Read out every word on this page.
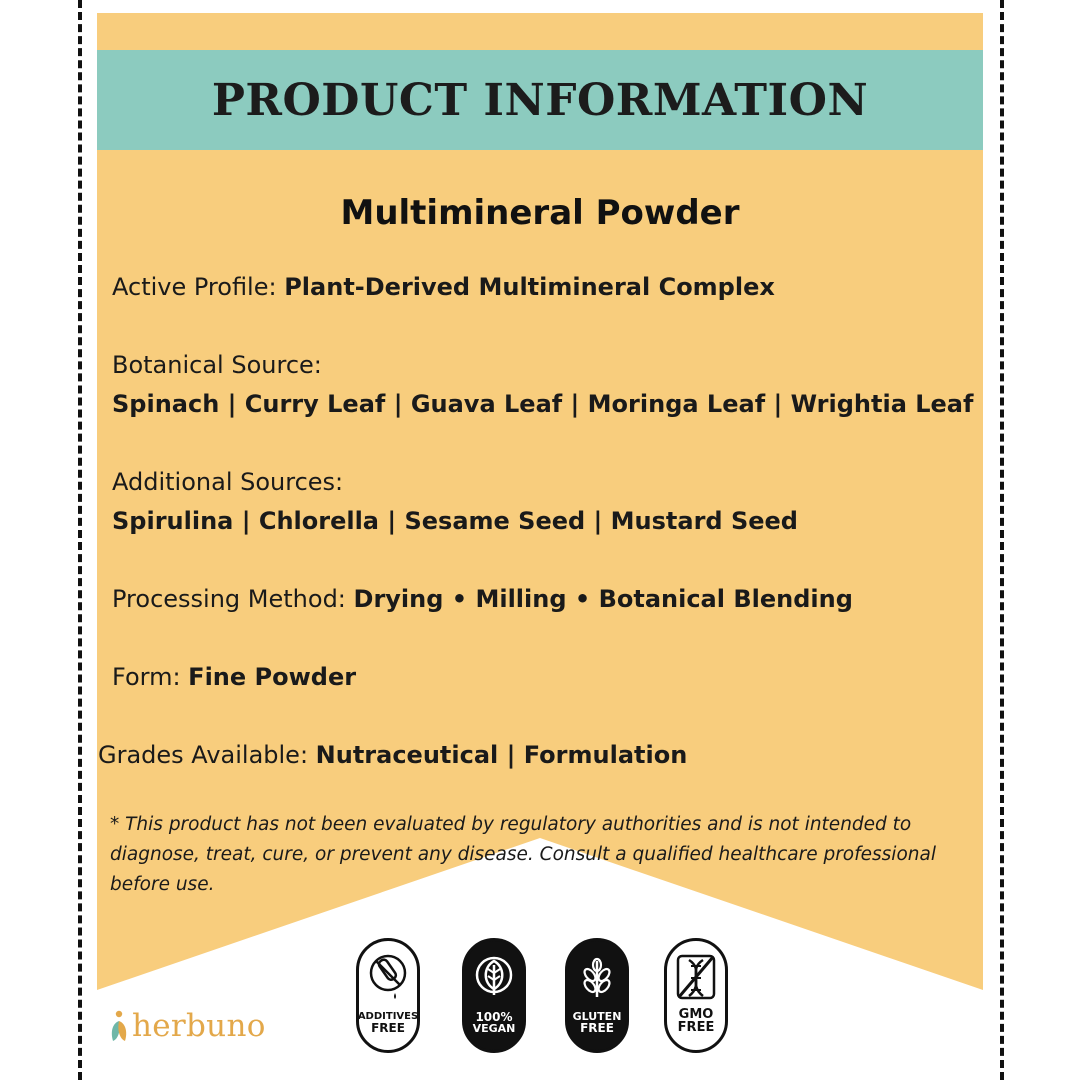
PRODUCT INFORMATION
Multimineral Powder
Active Profile: Plant-Derived Multimineral Complex
Botanical Source:
Spinach | Curry Leaf | Guava Leaf | Moringa Leaf | Wrightia Leaf
Additional Sources:
Spirulina | Chlorella | Sesame Seed | Mustard Seed
Processing Method: Drying • Milling • Botanical Blending
Form: Fine Powder
Grades Available: Nutraceutical | Formulation
* This product has not been evaluated by regulatory authorities and is not intended to diagnose, treat, cure, or prevent any disease. Consult a qualified healthcare professional before use.
herbuno	ADDITIVES
FREE
100%
VEGAN
GLUTEN
FREE
GMO
FREE
